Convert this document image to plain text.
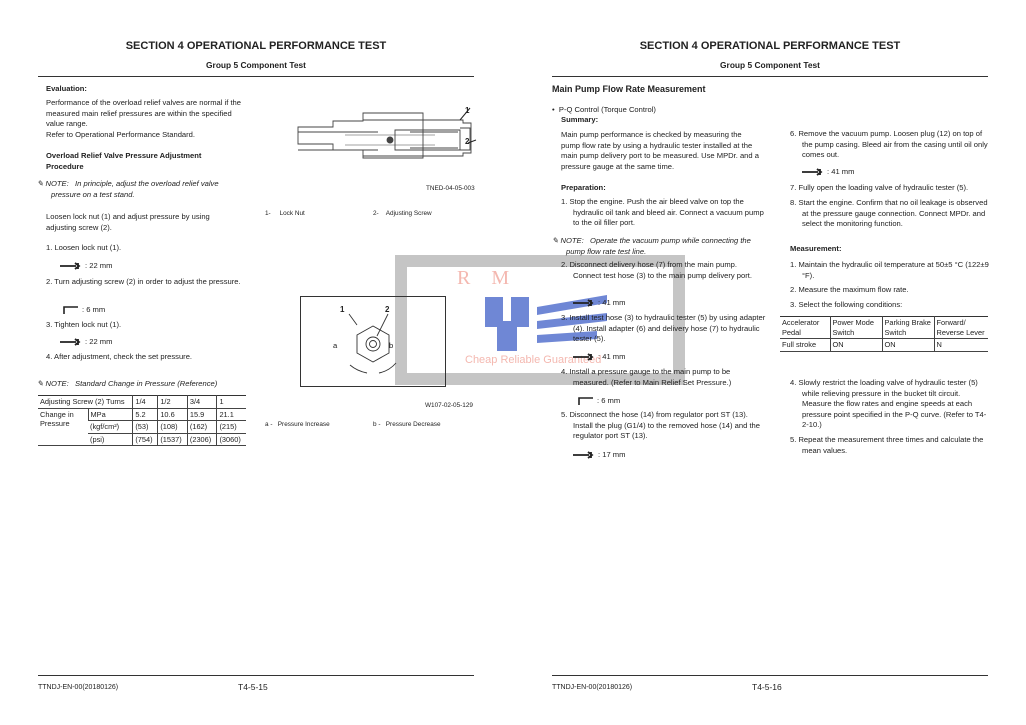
R M
Cheap Reliable Guaranteed
SECTION 4 OPERATIONAL PERFORMANCE TEST
Group 5 Component Test
Evaluation:
Performance of the overload relief valves are normal if the measured main relief pressures are within the specified value range.
Refer to Operational Performance Standard.
Overload Relief Valve Pressure Adjustment Procedure
✎ NOTE: In principle, adjust the overload relief valve pressure on a test stand.
Loosen lock nut (1) and adjust pressure by using adjusting screw (2).
1. Loosen lock nut (1).
: 22 mm
2. Turn adjusting screw (2) in order to adjust the pressure.
: 6 mm
3. Tighten lock nut (1).
: 22 mm
4. After adjustment, check the set pressure.
✎ NOTE: Standard Change in Pressure (Reference)
Adjusting Screw (2) Turns		1/4	1/2	3/4	1
Change in Pressure	MPa	5.2	10.6	15.9	21.1
	(kgf/cm²)	(53)	(108)	(162)	(215)
	(psi)	(754)	(1537)	(2306)	(3060)
1
2
TNED-04-05-003
1- Lock Nut	2- Adjusting Screw
1	2
a	b
W107-02-05-129
a - Pressure Increase	b - Pressure Decrease
TTNDJ-EN-00(20180126)	T4-5-15
SECTION 4 OPERATIONAL PERFORMANCE TEST
Group 5 Component Test
Main Pump Flow Rate Measurement
•  P-Q Control (Torque Control)
Summary:
Main pump performance is checked by measuring the pump flow rate by using a hydraulic tester installed at the main pump delivery port to be measured. Use MPDr. and a pressure gauge at the same time.
Preparation:
1. Stop the engine. Push the air bleed valve on top the hydraulic oil tank and bleed air. Connect a vacuum pump to the oil filler port.
✎ NOTE: Operate the vacuum pump while connecting the pump flow rate test line.
2. Disconnect delivery hose (7) from the main pump. Connect test hose (3) to the main pump delivery port.
: 41 mm
3. Install test hose (3) to hydraulic tester (5) by using adapter (4). Install adapter (6) and delivery hose (7) to hydraulic tester (5).
: 41 mm
4. Install a pressure gauge to the main pump to be measured. (Refer to Main Relief Set Pressure.)
: 6 mm
5. Disconnect the hose (14) from regulator port ST (13). Install the plug (G1/4) to the removed hose (14) and the regulator port ST (13).
: 17 mm
6. Remove the vacuum pump. Loosen plug (12) on top of the pump casing. Bleed air from the casing until oil only comes out.
: 41 mm
7. Fully open the loading valve of hydraulic tester (5).
8. Start the engine. Confirm that no oil leakage is observed at the pressure gauge connection. Connect MPDr. and select the monitoring function.
Measurement:
1. Maintain the hydraulic oil temperature at 50±5 °C (122±9 °F).
2. Measure the maximum flow rate.
3. Select the following conditions:
Accelerator Pedal	Power Mode Switch	Parking Brake Switch	Forward/ Reverse Lever
Full stroke	ON	ON	N
4. Slowly restrict the loading valve of hydraulic tester (5) while relieving pressure in the bucket tilt circuit. Measure the flow rates and engine speeds at each pressure point specified in the P-Q curve. (Refer to T4-2-10.)
5. Repeat the measurement three times and calculate the mean values.
TTNDJ-EN-00(20180126)	T4-5-16
